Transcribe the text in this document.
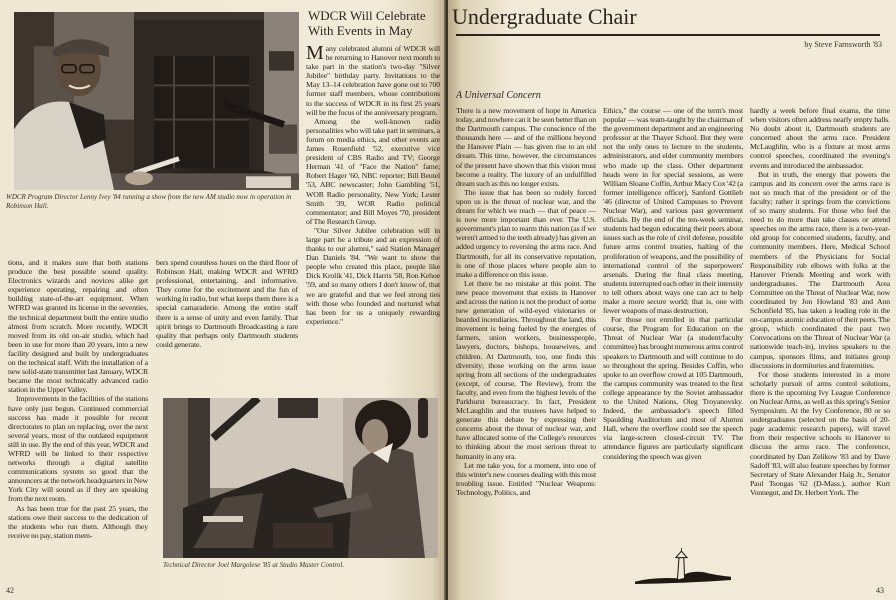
WDCR Program Director Lenny Ivey '84 running a show from the new AM studio now in operation in Robinson Hall.

tions, and it makes sure that both stations produce the best possible sound quality. Electronics wizards and novices alike get experience operating, repairing and often building state-of-the-art equipment. When WFRD was granted its license in the seventies, the technical department built the entire studio almost from scratch. More recently, WDCR moved from its old on-air studio, which had been in use for more than 20 years, into a new facility designed and built by undergraduates on the technical staff. With the installation of a new solid-state transmitter last January, WDCR became the most technically advanced radio station in the Upper Valley.

Improvements in the facilities of the stations have only just begun. Continued commercial success has made it possible for recent directorates to plan on replacing, over the next several years, most of the outdated equipment still in use. By the end of this year, WDCR and WFRD will be linked to their respective networks through a digital satellite communications system so good that the announcers at the network headquarters in New York City will sound as if they are speaking from the next room.

As has been true for the past 25 years, the stations owe their success to the dedication of the students who run them. Although they receive no pay, station mem-

bers spend countless hours on the third floor of Robinson Hall, making WDCR and WFRD professional, entertaining, and informative. They come for the excitement and the fun of working in radio, but what keeps them there is a special camaraderie. Among the entire staff there is a sense of unity and even family. That spirit brings to Dartmouth Broadcasting a rare quality that perhaps only Dartmouth students could generate.

WDCR Will Celebrate With Events in May

Many celebrated alumni of WDCR will be returning to Hanover next month to take part in the station's two-day "Silver Jubilee" birthday party. Invitations to the May 13–14 celebration have gone out to 700 former staff members, whose contributions to the success of WDCR in its first 25 years will be the focus of the anniversary program.

Among the well-known radio personalities who will take part in seminars, a forum on media ethics, and other events are James Rosenfield '52, executive vice president of CBS Radio and TV; George Herman '41 of "Face the Nation" fame; Robert Hager '60, NBC reporter; Bill Beutel '53, ABC newscaster; John Gambling '51, WOR Radio personality, New York; Lester Smith '39, WOR Radio political commentator; and Bill Moyes '70, president of The Research Group.

"Our Silver Jubilee celebration will in large part be a tribute and an expression of thanks to our alumni," said Station Manager Dan Daniels '84. "We want to show the people who created this place, people like Dick Krolik '41, Dick Harris '58, Ron Kehoe '59, and so many others I don't know of, that we are grateful and that we feel strong ties with those who founded and nurtured what has been for us a uniquely rewarding experience."

Technical Director Joel Margolese '85 at Studio Master Control.
42
Undergraduate Chair
by Steve Farnsworth '83
A Universal Concern

There is a new movement of hope in America today, and nowhere can it be seen better than on the Dartmouth campus. The conscience of the thousands here — and of the millions beyond the Hanover Plain — has given rise to an old dream. This time, however, the circumstances of the present have shown that this vision must become a reality. The luxury of an unfulfilled dream such as this no longer exists.

The issue that has been so rudely forced upon us is the threat of nuclear war, and the dream for which we reach — that of peace — is now more important than ever. The U.S. government's plan to rearm this nation (as if we weren't armed to the teeth already) has given an added urgency to reversing the arms race. And Dartmouth, for all its conservative reputation, is one of those places where people aim to make a difference on this issue.

Let there be no mistake at this point. The new peace movement that exists in Hanover and across the nation is not the product of some new generation of wild-eyed visionaries or bearded incendiaries. Throughout the land, this movement is being fueled by the energies of farmers, union workers, businesspeople, lawyers, doctors, bishops, housewives, and children. At Dartmouth, too, one finds this diversity; those working on the arms issue spring from all sections of the undergraduates (except, of course, The Review), from the faculty, and even from the highest levels of the Parkhurst bureaucracy. In fact, President McLaughlin and the trustees have helped to generate this debate by expressing their concerns about the threat of nuclear war, and have allocated some of the College's resources to thinking about the most serious threat to humanity in any era.

Let me take you, for a moment, into one of this winter's new courses dealing with this most troubling issue. Entitled "Nuclear Weapons: Technology, Politics, and

Ethics," the course — one of the term's most popular — was team-taught by the chairman of the government department and an engineering professor at the Thayer School. But they were not the only ones to lecture to the students, administrators, and elder community members who made up the class. Other department heads were in for special sessions, as were William Sloane Coffin, Arthur Macy Cox '42 (a former intelligence officer), Sanford Gottlieb '46 (director of United Campuses to Prevent Nuclear War), and various past government officials. By the end of the ten-week seminar, students had begun educating their peers about issues such as the role of civil defense, possible future arms control treaties, halting of the proliferation of weapons, and the possibility of international control of the superpowers' arsenals. During the final class meeting, students interrupted each other in their intensity to tell others about ways one can act to help make a more secure world; that is, one with fewer weapons of mass destruction.

For those not enrolled in that particular course, the Program for Education on the Threat of Nuclear War (a student/faculty committee) has brought numerous arms control speakers to Dartmouth and will continue to do so throughout the spring. Besides Coffin, who spoke to an overflow crowd at 105 Dartmouth, the campus community was treated to the first college appearance by the Soviet ambassador to the United Nations, Oleg Troyanovsky. Indeed, the ambassador's speech filled Spaulding Auditorium and most of Alumni Hall, where the overflow could see the speech via large-screen closed-circuit TV. The attendance figures are particularly significant considering the speech was given

hardly a week before final exams, the time when visitors often address nearly empty halls. No doubt about it, Dartmouth students are concerned about the arms race. President McLaughlin, who is a fixture at most arms control speeches, coordinated the evening's events and introduced the ambassador.

But in truth, the energy that powers the campus and its concern over the arms race is not so much that of the president or of the faculty; rather it springs from the convictions of so many students. For those who feel the need to do more than take classes or attend speeches on the arms race, there is a two-year-old group for concerned students, faculty, and community members. Here, Medical School members of the Physicians for Social Responsibility rub elbows with folks at the Hanover Friends Meeting and work with undergraduates. The Dartmouth Area Committee on the Threat of Nuclear War, now coordinated by Jon Howland '83 and Ann Schonfield '85, has taken a leading role in the on-campus atomic education of their peers. The group, which coordinated the past two Convocations on the Threat of Nuclear War (a nationwide teach-in), invites speakers to the campus, sponsors films, and initiates group discussions in dormitories and fraternities.

For those students interested in a more scholarly pursuit of arms control solutions, there is the upcoming Ivy League Conference on Nuclear Arms, as well as this spring's Senior Symposium. At the Ivy Conference, 80 or so undergraduates (selected on the basis of 20-page academic research papers), will travel from their respective schools to Hanover to discuss the arms race. The conference, coordinated by Dan Zelikow '83 and by Dave Sadoff '83, will also feature speeches by former Secretary of State Alexander Haig Jr., Senator Paul Tsongas '62 (D-Mass.), author Kurt Vonnegut, and Dr. Herbert York. The

43
